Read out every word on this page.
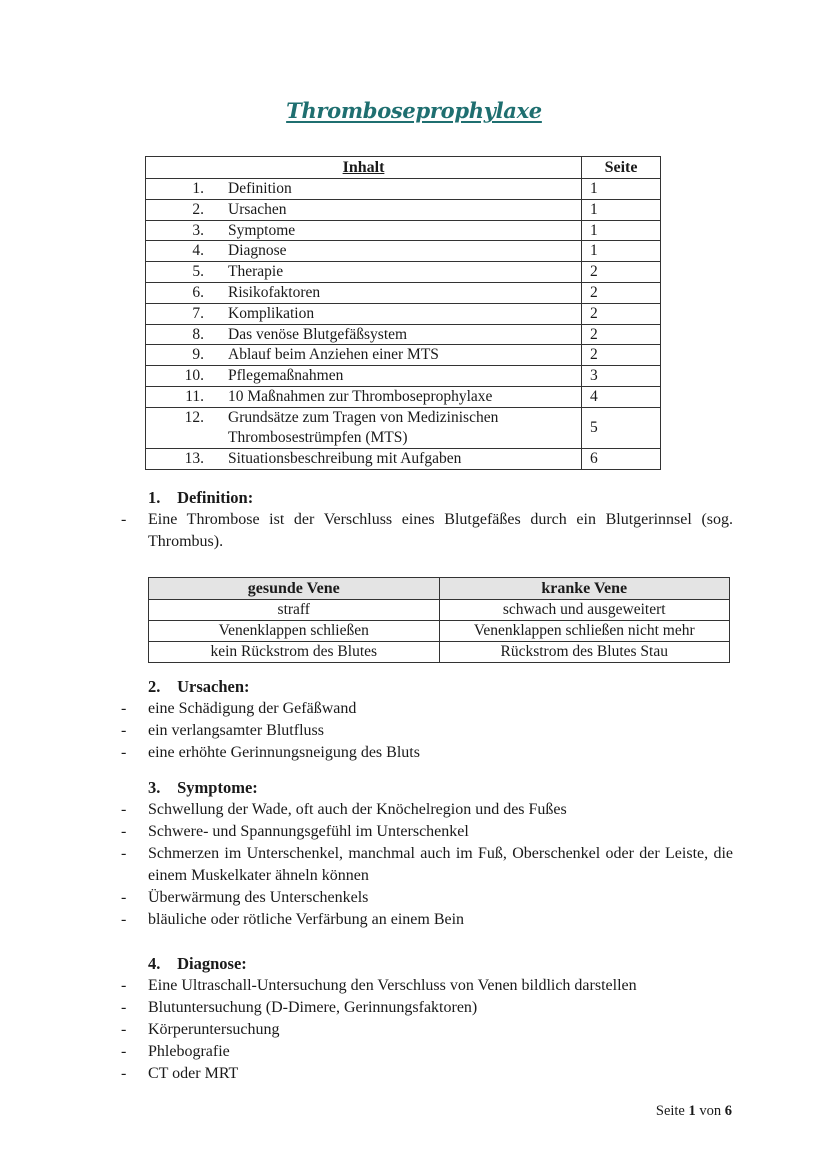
Thromboseprophylaxe
Inhalt	Seite
1. Definition	1
2. Ursachen	1
3. Symptome	1
4. Diagnose	1
5. Therapie	2
6. Risikofaktoren	2
7. Komplikation	2
8. Das venöse Blutgefäßsystem	2
9. Ablauf beim Anziehen einer MTS	2
10. Pflegemaßnahmen	3
11. 10 Maßnahmen zur Thromboseprophylaxe	4
12. Grundsätze zum Tragen von Medizinischen Thrombosestrümpfen (MTS)	5
13. Situationsbeschreibung mit Aufgaben	6

1. Definition:

-	Eine Thrombose ist der Verschluss eines Blutgefäßes durch ein Blutgerinnsel (sog. Thrombus).
gesunde Vene	kranke Vene
straff	schwach und ausgeweitert
Venenklappen schließen	Venenklappen schließen nicht mehr
kein Rückstrom des Blutes	Rückstrom des Blutes Stau

2. Ursachen:

-	eine Schädigung der Gefäßwand
-	ein verlangsamter Blutfluss
-	eine erhöhte Gerinnungsneigung des Bluts

3. Symptome:

-	Schwellung der Wade, oft auch der Knöchelregion und des Fußes
-	Schwere- und Spannungsgefühl im Unterschenkel
-	Schmerzen im Unterschenkel, manchmal auch im Fuß, Oberschenkel oder der Leiste, die einem Muskelkater ähneln können
-	Überwärmung des Unterschenkels
-	bläuliche oder rötliche Verfärbung an einem Bein

4. Diagnose:

-	Eine Ultraschall-Untersuchung den Verschluss von Venen bildlich darstellen
-	Blutuntersuchung (D-Dimere, Gerinnungsfaktoren)
-	Körperuntersuchung
-	Phlebografie
-	CT oder MRT
Seite 1 von 6
